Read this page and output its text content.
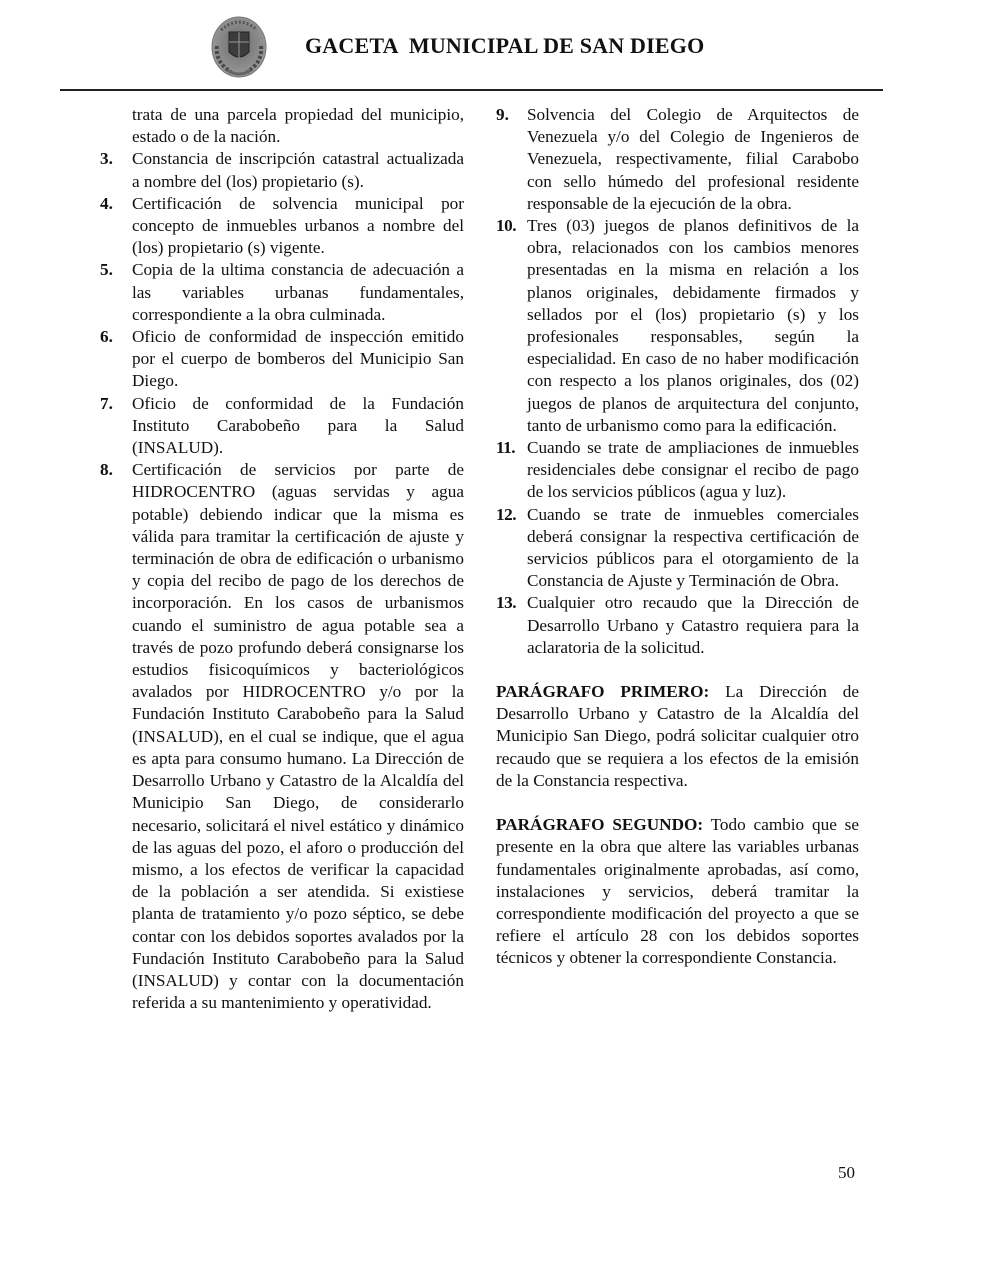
GACETA  MUNICIPAL DE SAN DIEGO
trata de una parcela propiedad del municipio, estado o de la nación.
3.	Constancia de inscripción catastral actualizada a nombre del (los) propietario (s).
4.	Certificación de solvencia municipal por concepto de inmuebles urbanos a nombre del (los) propietario (s) vigente.
5.	Copia de la ultima constancia de adecuación a las variables urbanas fundamentales, correspondiente a la obra culminada.
6.	Oficio de conformidad de inspección emitido por el cuerpo de bomberos del Municipio San Diego.
7.	Oficio de conformidad de la Fundación Instituto Carabobeño para la Salud (INSALUD).
8.	Certificación de servicios por parte de HIDROCENTRO (aguas servidas y agua potable) debiendo indicar que la misma es válida para tramitar la certificación de ajuste y terminación de obra de edificación o urbanismo y copia del recibo de pago de los derechos de incorporación. En los casos de urbanismos cuando el suministro de agua potable sea a través de pozo profundo deberá consignarse los estudios fisicoquímicos y bacteriológicos avalados por HIDROCENTRO y/o por la Fundación Instituto Carabobeño para la Salud (INSALUD), en el cual se indique, que el agua es apta para consumo humano. La Dirección de Desarrollo Urbano y Catastro de la Alcaldía del Municipio San Diego, de considerarlo necesario, solicitará el nivel estático y dinámico de las aguas del pozo, el aforo o producción del mismo, a los efectos de verificar la capacidad de la población a ser atendida. Si existiese planta de tratamiento y/o pozo séptico, se debe contar con los debidos soportes avalados por la Fundación Instituto Carabobeño para la Salud (INSALUD) y contar con la documentación referida a su mantenimiento y operatividad.
9.	Solvencia del Colegio de Arquitectos de Venezuela y/o del Colegio de Ingenieros de Venezuela, respectivamente, filial Carabobo con sello húmedo del profesional residente responsable de la ejecución de la obra.
10. Tres (03) juegos de planos definitivos de la obra, relacionados con los cambios menores presentadas en la misma en relación a los planos originales, debidamente firmados y sellados por el (los) propietario (s) y los profesionales responsables, según la especialidad. En caso de no haber modificación con respecto a los planos originales, dos (02) juegos de planos de arquitectura del conjunto, tanto de urbanismo como para la edificación.
11. Cuando se trate de ampliaciones de inmuebles residenciales debe consignar el recibo de pago de los servicios públicos (agua y luz).
12. Cuando se trate de inmuebles comerciales deberá consignar la respectiva certificación de servicios públicos para el otorgamiento de la Constancia de Ajuste y Terminación de Obra.
13. Cualquier otro recaudo que la Dirección de Desarrollo Urbano y Catastro requiera para la aclaratoria de la solicitud.
PARÁGRAFO PRIMERO: La Dirección de Desarrollo Urbano y Catastro de la Alcaldía del Municipio San Diego, podrá solicitar cualquier otro recaudo que se requiera a los efectos de la emisión de la Constancia respectiva.
PARÁGRAFO SEGUNDO: Todo cambio que se presente en la obra que altere las variables urbanas fundamentales originalmente aprobadas, así como, instalaciones y servicios, deberá tramitar la correspondiente modificación del proyecto a que se refiere el artículo 28 con los debidos soportes técnicos y obtener la correspondiente Constancia.
50
